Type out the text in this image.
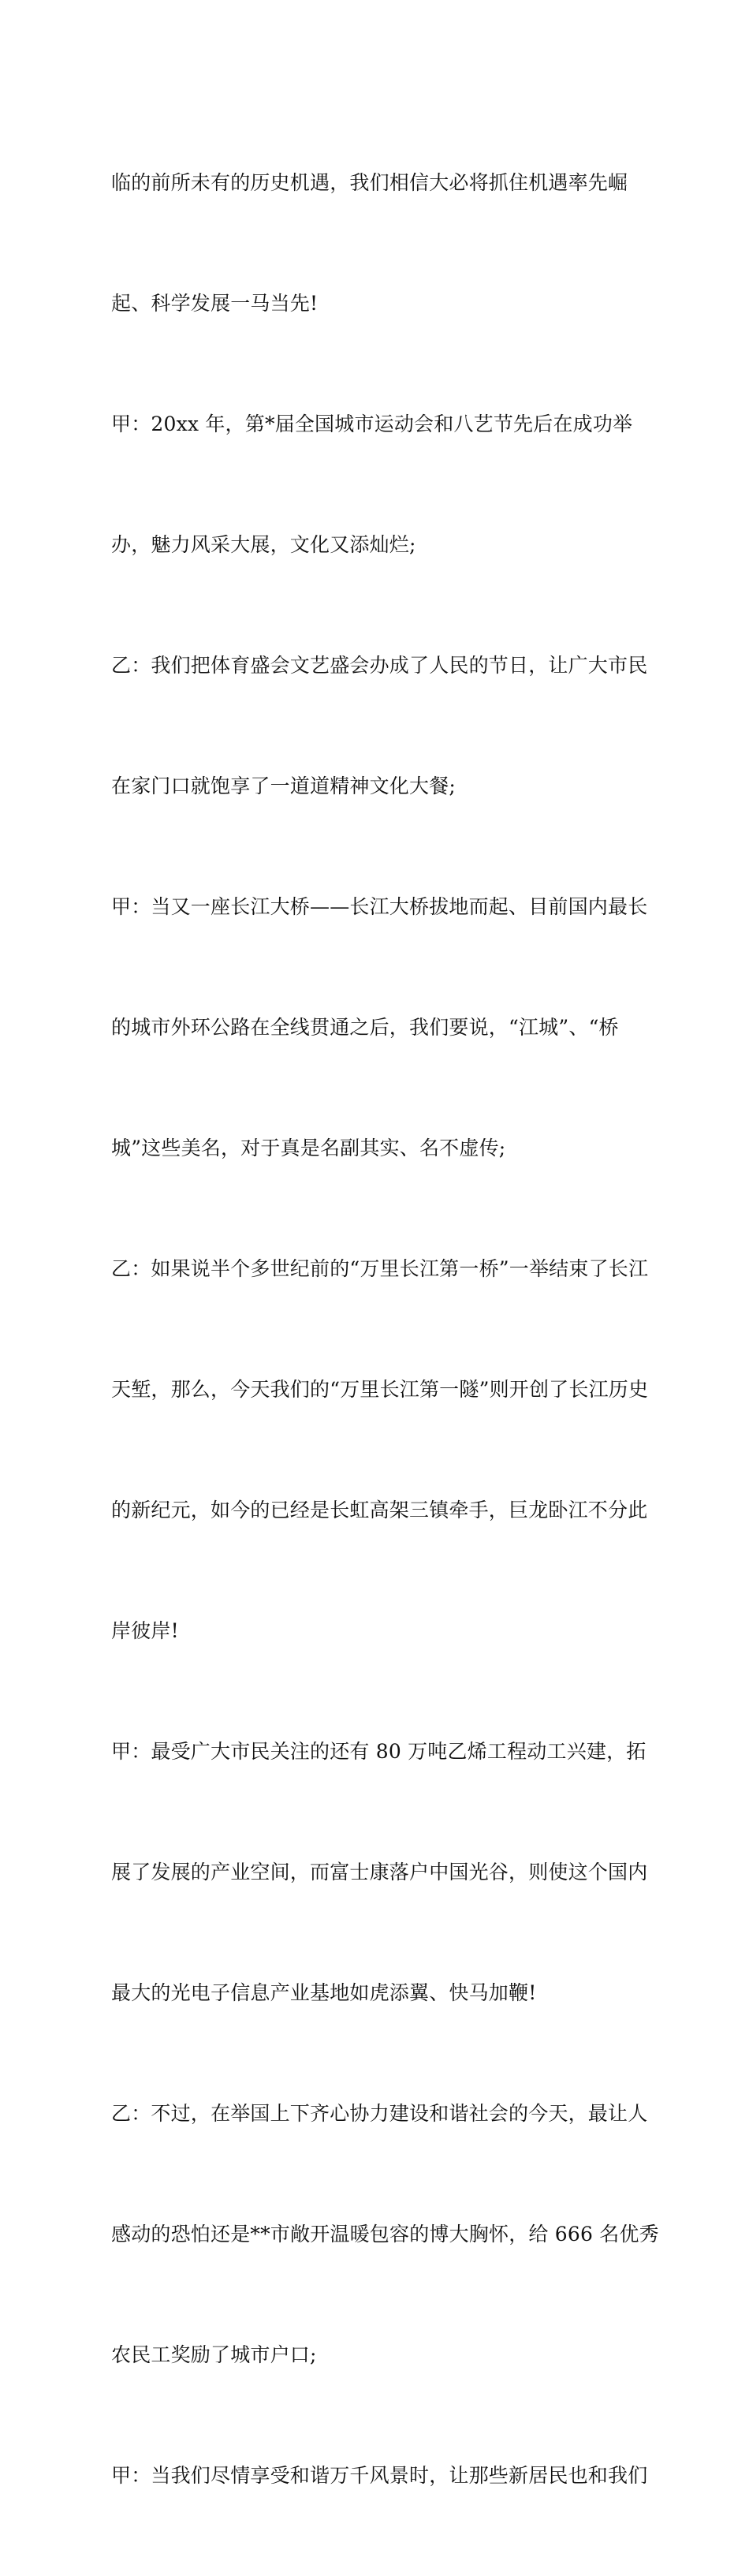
临的前所未有的历史机遇，我们相信大必将抓住机遇率先崛

起、科学发展一马当先!

甲：20xx 年，第*届全国城市运动会和八艺节先后在成功举

办，魅力风采大展，文化又添灿烂;

乙：我们把体育盛会文艺盛会办成了人民的节日，让广大市民

在家门口就饱享了一道道精神文化大餐;

甲：当又一座长江大桥——长江大桥拔地而起、目前国内最长

的城市外环公路在全线贯通之后，我们要说，“江城”、“桥

城”这些美名，对于真是名副其实、名不虚传;

乙：如果说半个多世纪前的“万里长江第一桥”一举结束了长江

天堑，那么，今天我们的“万里长江第一隧”则开创了长江历史

的新纪元，如今的已经是长虹高架三镇牵手，巨龙卧江不分此

岸彼岸!

甲：最受广大市民关注的还有 80 万吨乙烯工程动工兴建，拓

展了发展的产业空间，而富士康落户中国光谷，则使这个国内

最大的光电子信息产业基地如虎添翼、快马加鞭!

乙：不过，在举国上下齐心协力建设和谐社会的今天，最让人

感动的恐怕还是**市敞开温暖包容的博大胸怀，给 666 名优秀

农民工奖励了城市户口;

甲：当我们尽情享受和谐万千风景时，让那些新居民也和我们
